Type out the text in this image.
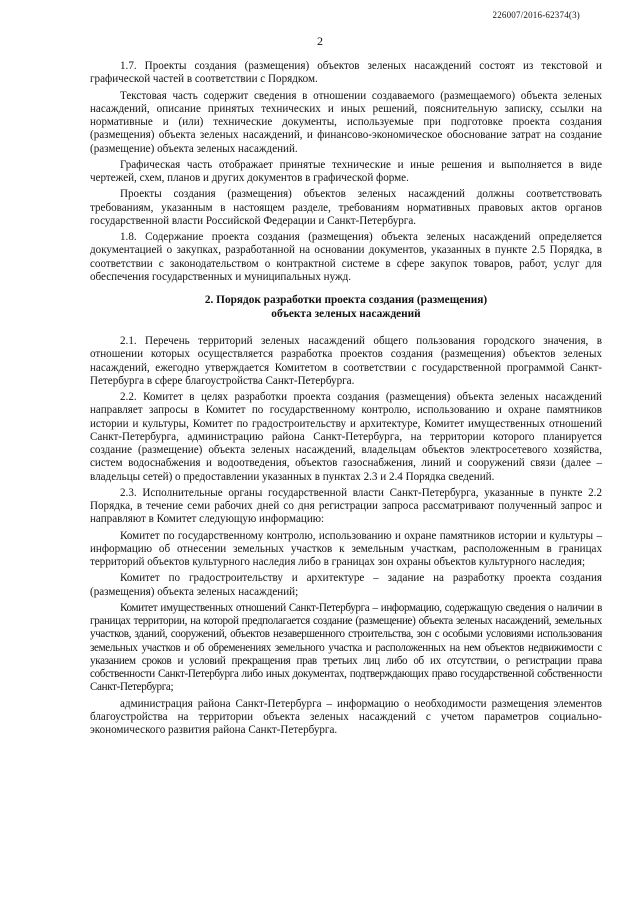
226007/2016-62374(3)
2

1.7. Проекты создания (размещения) объектов зеленых насаждений состоят из текстовой и графической частей в соответствии с Порядком.

Текстовая часть содержит сведения в отношении создаваемого (размещаемого) объекта зеленых насаждений, описание принятых технических и иных решений, пояснительную записку, ссылки на нормативные и (или) технические документы, используемые при подготовке проекта создания (размещения) объекта зеленых насаждений, и финансово-экономическое обоснование затрат на создание (размещение) объекта зеленых насаждений.

Графическая часть отображает принятые технические и иные решения и выполняется в виде чертежей, схем, планов и других документов в графической форме.

Проекты создания (размещения) объектов зеленых насаждений должны соответствовать требованиям, указанным в настоящем разделе, требованиям нормативных правовых актов органов государственной власти Российской Федерации и Санкт-Петербурга.

1.8. Содержание проекта создания (размещения) объекта зеленых насаждений определяется документацией о закупках, разработанной на основании документов, указанных в пункте 2.5 Порядка, в соответствии с законодательством о контрактной системе в сфере закупок товаров, работ, услуг для обеспечения государственных и муниципальных нужд.

2. Порядок разработки проекта создания (размещения)
объекта зеленых насаждений

2.1. Перечень территорий зеленых насаждений общего пользования городского значения, в отношении которых осуществляется разработка проектов создания (размещения) объектов зеленых насаждений, ежегодно утверждается Комитетом в соответствии с государственной программой Санкт-Петербурга в сфере благоустройства Санкт-Петербурга.

2.2. Комитет в целях разработки проекта создания (размещения) объекта зеленых насаждений направляет запросы в Комитет по государственному контролю, использованию и охране памятников истории и культуры, Комитет по градостроительству и архитектуре, Комитет имущественных отношений Санкт-Петербурга, администрацию района Санкт-Петербурга, на территории которого планируется создание (размещение) объекта зеленых насаждений, владельцам объектов электросетевого хозяйства, систем водоснабжения и водоотведения, объектов газоснабжения, линий и сооружений связи (далее – владельцы сетей) о предоставлении указанных в пунктах 2.3 и 2.4 Порядка сведений.

2.3. Исполнительные органы государственной власти Санкт-Петербурга, указанные в пункте 2.2 Порядка, в течение семи рабочих дней со дня регистрации запроса рассматривают полученный запрос и направляют в Комитет следующую информацию:

Комитет по государственному контролю, использованию и охране памятников истории и культуры – информацию об отнесении земельных участков к земельным участкам, расположенным в границах территорий объектов культурного наследия либо в границах зон охраны объектов культурного наследия;

Комитет по градостроительству и архитектуре – задание на разработку проекта создания (размещения) объекта зеленых насаждений;

Комитет имущественных отношений Санкт-Петербурга – информацию, содержащую сведения о наличии в границах территории, на которой предполагается создание (размещение) объекта зеленых насаждений, земельных участков, зданий, сооружений, объектов незавершенного строительства, зон с особыми условиями использования земельных участков и об обременениях земельного участка и расположенных на нем объектов недвижимости с указанием сроков и условий прекращения прав третьих лиц либо об их отсутствии, о регистрации права собственности Санкт-Петербурга либо иных документах, подтверждающих право государственной собственности Санкт-Петербурга;

администрация района Санкт-Петербурга – информацию о необходимости размещения элементов благоустройства на территории объекта зеленых насаждений с учетом параметров социально-экономического развития района Санкт-Петербурга.
